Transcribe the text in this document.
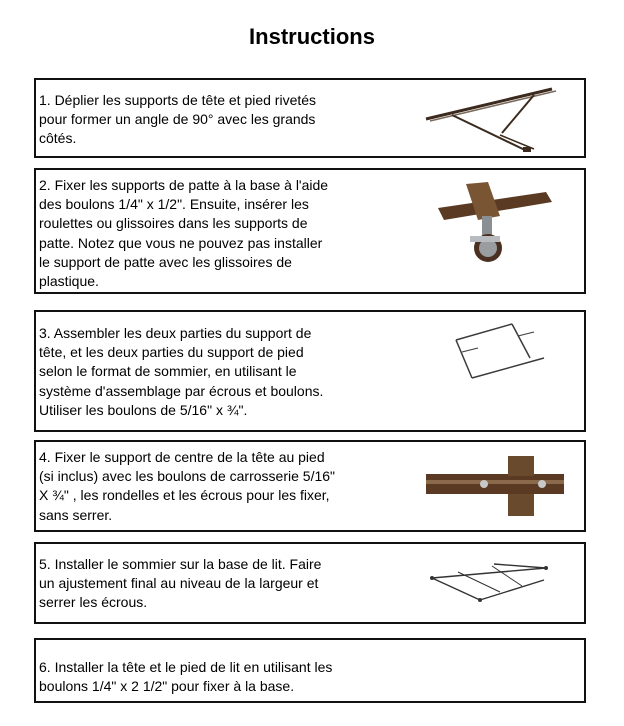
Instructions
1. Déplier les supports de tête et pied rivetés
pour former un angle de 90° avec les grands
côtés.
2. Fixer les supports de patte à la base à l'aide
des boulons 1/4" x 1/2". Ensuite, insérer les
roulettes ou glissoires dans les supports de
patte. Notez que vous ne pouvez pas installer
le support de patte avec les glissoires de
plastique.
3. Assembler les deux parties du support de
tête, et les deux parties du support de pied
selon le format de sommier, en utilisant le
système d'assemblage par écrous et boulons.
Utiliser les boulons de 5/16" x ¾".
4. Fixer le support de centre de la tête au pied
(si inclus) avec les boulons de carrosserie 5/16"
X ¾" , les rondelles et les écrous pour les fixer,
sans serrer.
5. Installer le sommier sur la base de lit. Faire
un ajustement final au niveau de la largeur et
serrer les écrous.
6. Installer la tête et le pied de lit en utilisant les
boulons 1/4" x 2 1/2" pour fixer à la base.
